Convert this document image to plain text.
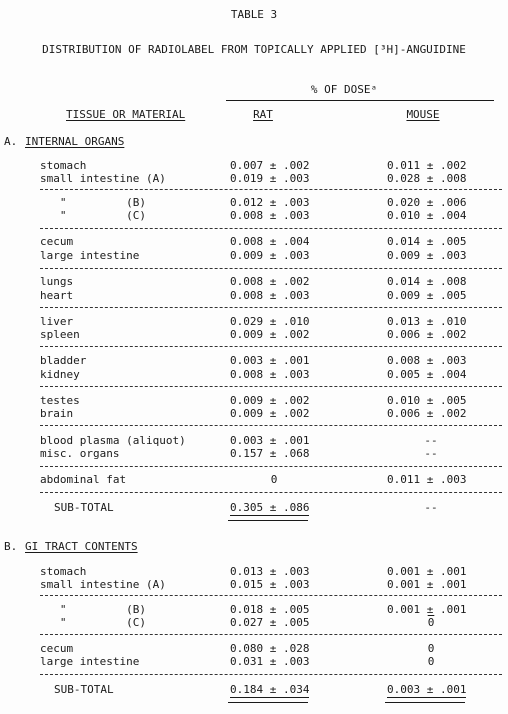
TABLE 3
DISTRIBUTION OF RADIOLABEL FROM TOPICALLY APPLIED [³H]-ANGUIDINE
% OF DOSEᵃ
TISSUE OR MATERIAL	RAT	MOUSE
A. INTERNAL ORGANS
stomach	0.007 ± .002	0.011 ± .002
small intestine (A)	0.019 ± .003	0.028 ± .008
"         (B)	0.012 ± .003	0.020 ± .006
"         (C)	0.008 ± .003	0.010 ± .004
cecum	0.008 ± .004	0.014 ± .005
large intestine	0.009 ± .003	0.009 ± .003
lungs	0.008 ± .002	0.014 ± .008
heart	0.008 ± .003	0.009 ± .005
liver	0.029 ± .010	0.013 ± .010
spleen	0.009 ± .002	0.006 ± .002
bladder	0.003 ± .001	0.008 ± .003
kidney	0.008 ± .003	0.005 ± .004
testes	0.009 ± .002	0.010 ± .005
brain	0.009 ± .002	0.006 ± .002
blood plasma (aliquot)	0.003 ± .001	--
misc. organs	0.157 ± .068	--
abdominal fat	0	0.011 ± .003
SUB-TOTAL	0.305 ± .086	--
B. GI TRACT CONTENTS
stomach	0.013 ± .003	0.001 ± .001
small intestine (A)	0.015 ± .003	0.001 ± .001
"         (B)	0.018 ± .005	0.001 ± .001
"         (C)	0.027 ± .005	0
cecum	0.080 ± .028	0
large intestine	0.031 ± .003	0
SUB-TOTAL	0.184 ± .034	0.003 ± .001
